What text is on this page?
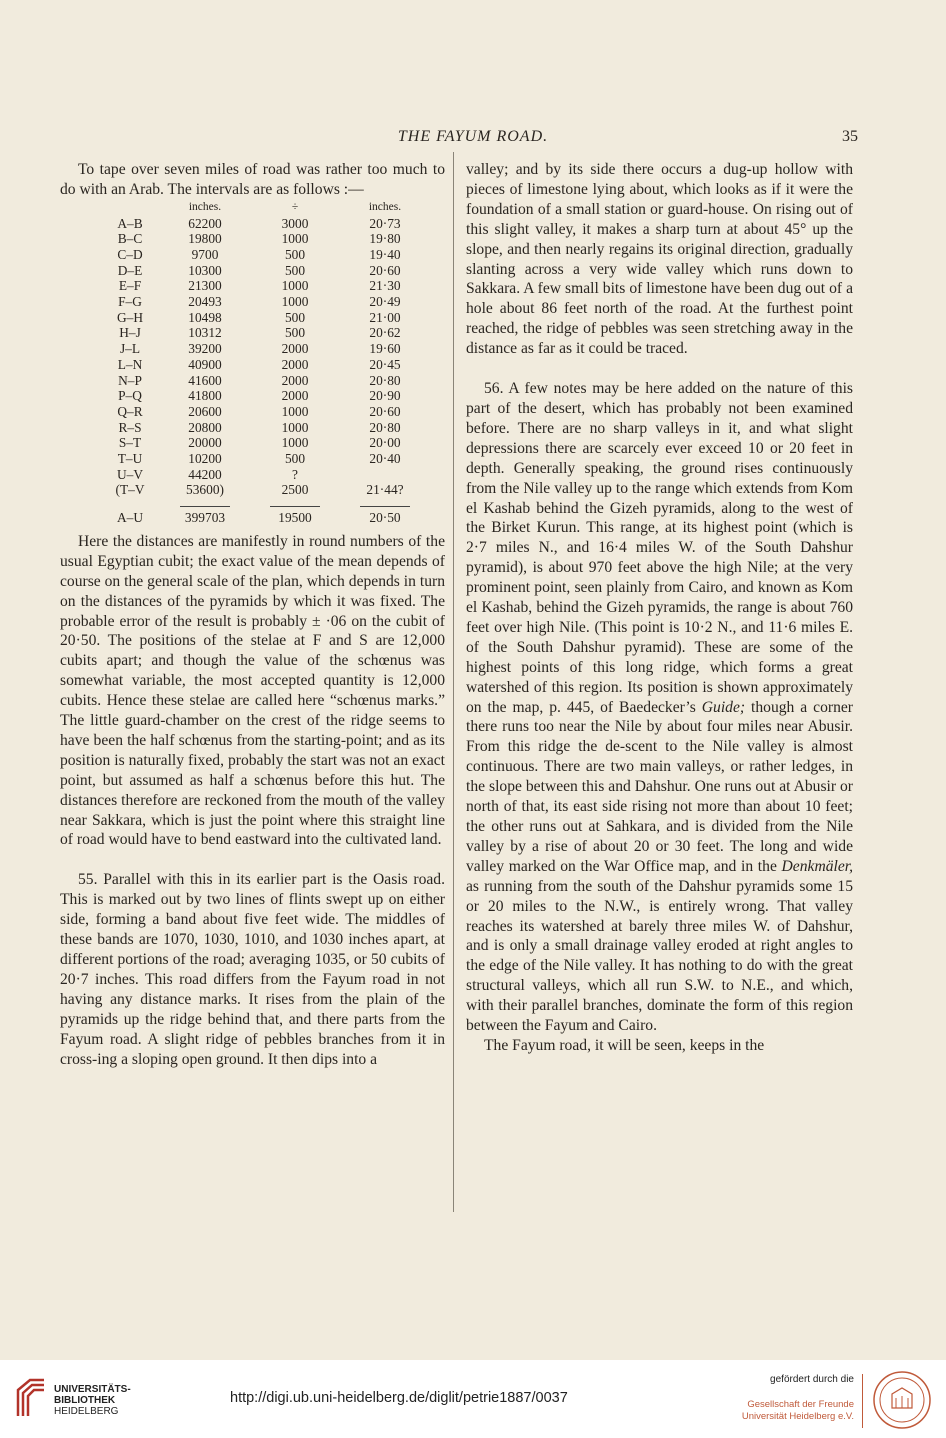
THE FAYUM ROAD.	35

To tape over seven miles of road was rather too much to do with an Arab. The intervals are as follows :—

	inches.	÷	inches.
A–B	62200	3000	20·73
B–C	19800	1000	19·80
C–D	9700	500	19·40
D–E	10300	500	20·60
E–F	21300	1000	21·30
F–G	20493	1000	20·49
G–H	10498	500	21·00
H–J	10312	500	20·62
J–L	39200	2000	19·60
L–N	40900	2000	20·45
N–P	41600	2000	20·80
P–Q	41800	2000	20·90
Q–R	20600	1000	20·60
R–S	20800	1000	20·80
S–T	20000	1000	20·00
T–U	10200	500	20·40
U–V	44200	?	
(T–V	53600)	2500	21·44?

A–U	399703	19500	20·50

Here the distances are manifestly in round numbers of the usual Egyptian cubit; the exact value of the mean depends of course on the general scale of the plan, which depends in turn on the distances of the pyramids by which it was fixed. The probable error of the result is probably ± ·06 on the cubit of 20·50. The positions of the stelae at F and S are 12,000 cubits apart; and though the value of the schœnus was somewhat variable, the most accepted quantity is 12,000 cubits. Hence these stelae are called here “schœnus marks.” The little guard-chamber on the crest of the ridge seems to have been the half schœnus from the starting-point; and as its position is naturally fixed, probably the start was not an exact point, but assumed as half a schœnus before this hut. The distances therefore are reckoned from the mouth of the valley near Sakkara, which is just the point where this straight line of road would have to bend eastward into the cultivated land.

55. Parallel with this in its earlier part is the Oasis road. This is marked out by two lines of flints swept up on either side, forming a band about five feet wide. The middles of these bands are 1070, 1030, 1010, and 1030 inches apart, at different portions of the road; averaging 1035, or 50 cubits of 20·7 inches. This road differs from the Fayum road in not having any distance marks. It rises from the plain of the pyramids up the ridge behind that, and there parts from the Fayum road. A slight ridge of pebbles branches from it in cross-ing a sloping open ground. It then dips into a

valley; and by its side there occurs a dug-up hollow with pieces of limestone lying about, which looks as if it were the foundation of a small station or guard-house. On rising out of this slight valley, it makes a sharp turn at about 45° up the slope, and then nearly regains its original direction, gradually slanting across a very wide valley which runs down to Sakkara. A few small bits of limestone have been dug out of a hole about 86 feet north of the road. At the furthest point reached, the ridge of pebbles was seen stretching away in the distance as far as it could be traced.

56. A few notes may be here added on the nature of this part of the desert, which has probably not been examined before. There are no sharp valleys in it, and what slight depressions there are scarcely ever exceed 10 or 20 feet in depth. Generally speaking, the ground rises continuously from the Nile valley up to the range which extends from Kom el Kashab behind the Gizeh pyramids, along to the west of the Birket Kurun. This range, at its highest point (which is 2·7 miles N., and 16·4 miles W. of the South Dahshur pyramid), is about 970 feet above the high Nile; at the very prominent point, seen plainly from Cairo, and known as Kom el Kashab, behind the Gizeh pyramids, the range is about 760 feet over high Nile. (This point is 10·2 N., and 11·6 miles E. of the South Dahshur pyramid). These are some of the highest points of this long ridge, which forms a great watershed of this region. Its position is shown approximately on the map, p. 445, of Baedecker’s Guide; though a corner there runs too near the Nile by about four miles near Abusir. From this ridge the de-scent to the Nile valley is almost continuous. There are two main valleys, or rather ledges, in the slope between this and Dahshur. One runs out at Abusir or north of that, its east side rising not more than about 10 feet; the other runs out at Sahkara, and is divided from the Nile valley by a rise of about 20 or 30 feet. The long and wide valley marked on the War Office map, and in the Denkmäler, as running from the south of the Dahshur pyramids some 15 or 20 miles to the N.W., is entirely wrong. That valley reaches its watershed at barely three miles W. of Dahshur, and is only a small drainage valley eroded at right angles to the edge of the Nile valley. It has nothing to do with the great structural valleys, which all run S.W. to N.E., and which, with their parallel branches, dominate the form of this region between the Fayum and Cairo.

The Fayum road, it will be seen, keeps in the

UNIVERSITÄTS-
BIBLIOTHEK
HEIDELBERG
http://digi.ub.uni-heidelberg.de/diglit/petrie1887/0037
gefördert durch die
Gesellschaft der Freunde
Universität Heidelberg e.V.
